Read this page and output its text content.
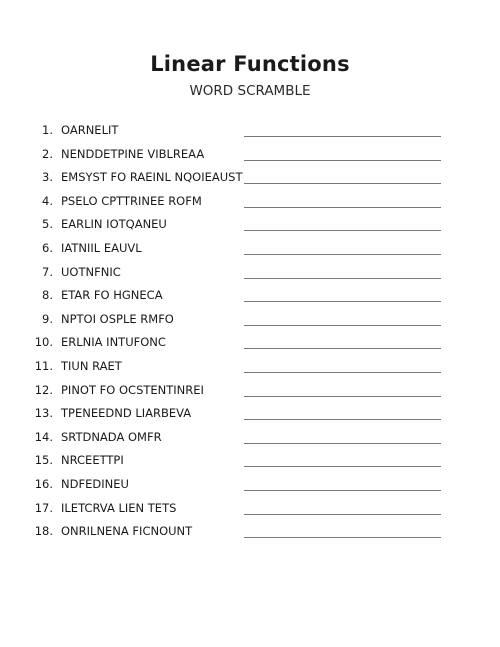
Linear Functions
WORD SCRAMBLE
1. OARNELIT
2. NENDDETPINE VIBLREAA
3. EMSYST FO RAEINL NQOIEAUST
4. PSELO CPTTRINEE ROFM
5. EARLIN IOTQANEU
6. IATNIIL EAUVL
7. UOTNFNIC
8. ETAR FO HGNECA
9. NPTOI OSPLE RMFO
10. ERLNIA INTUFONC
11. TIUN RAET
12. PINOT FO OCSTENTINREI
13. TPENEEDND LIARBEVA
14. SRTDNADA OMFR
15. NRCEETTPI
16. NDFEDINEU
17. ILETCRVA LIEN TETS
18. ONRILNENA FICNOUNT
